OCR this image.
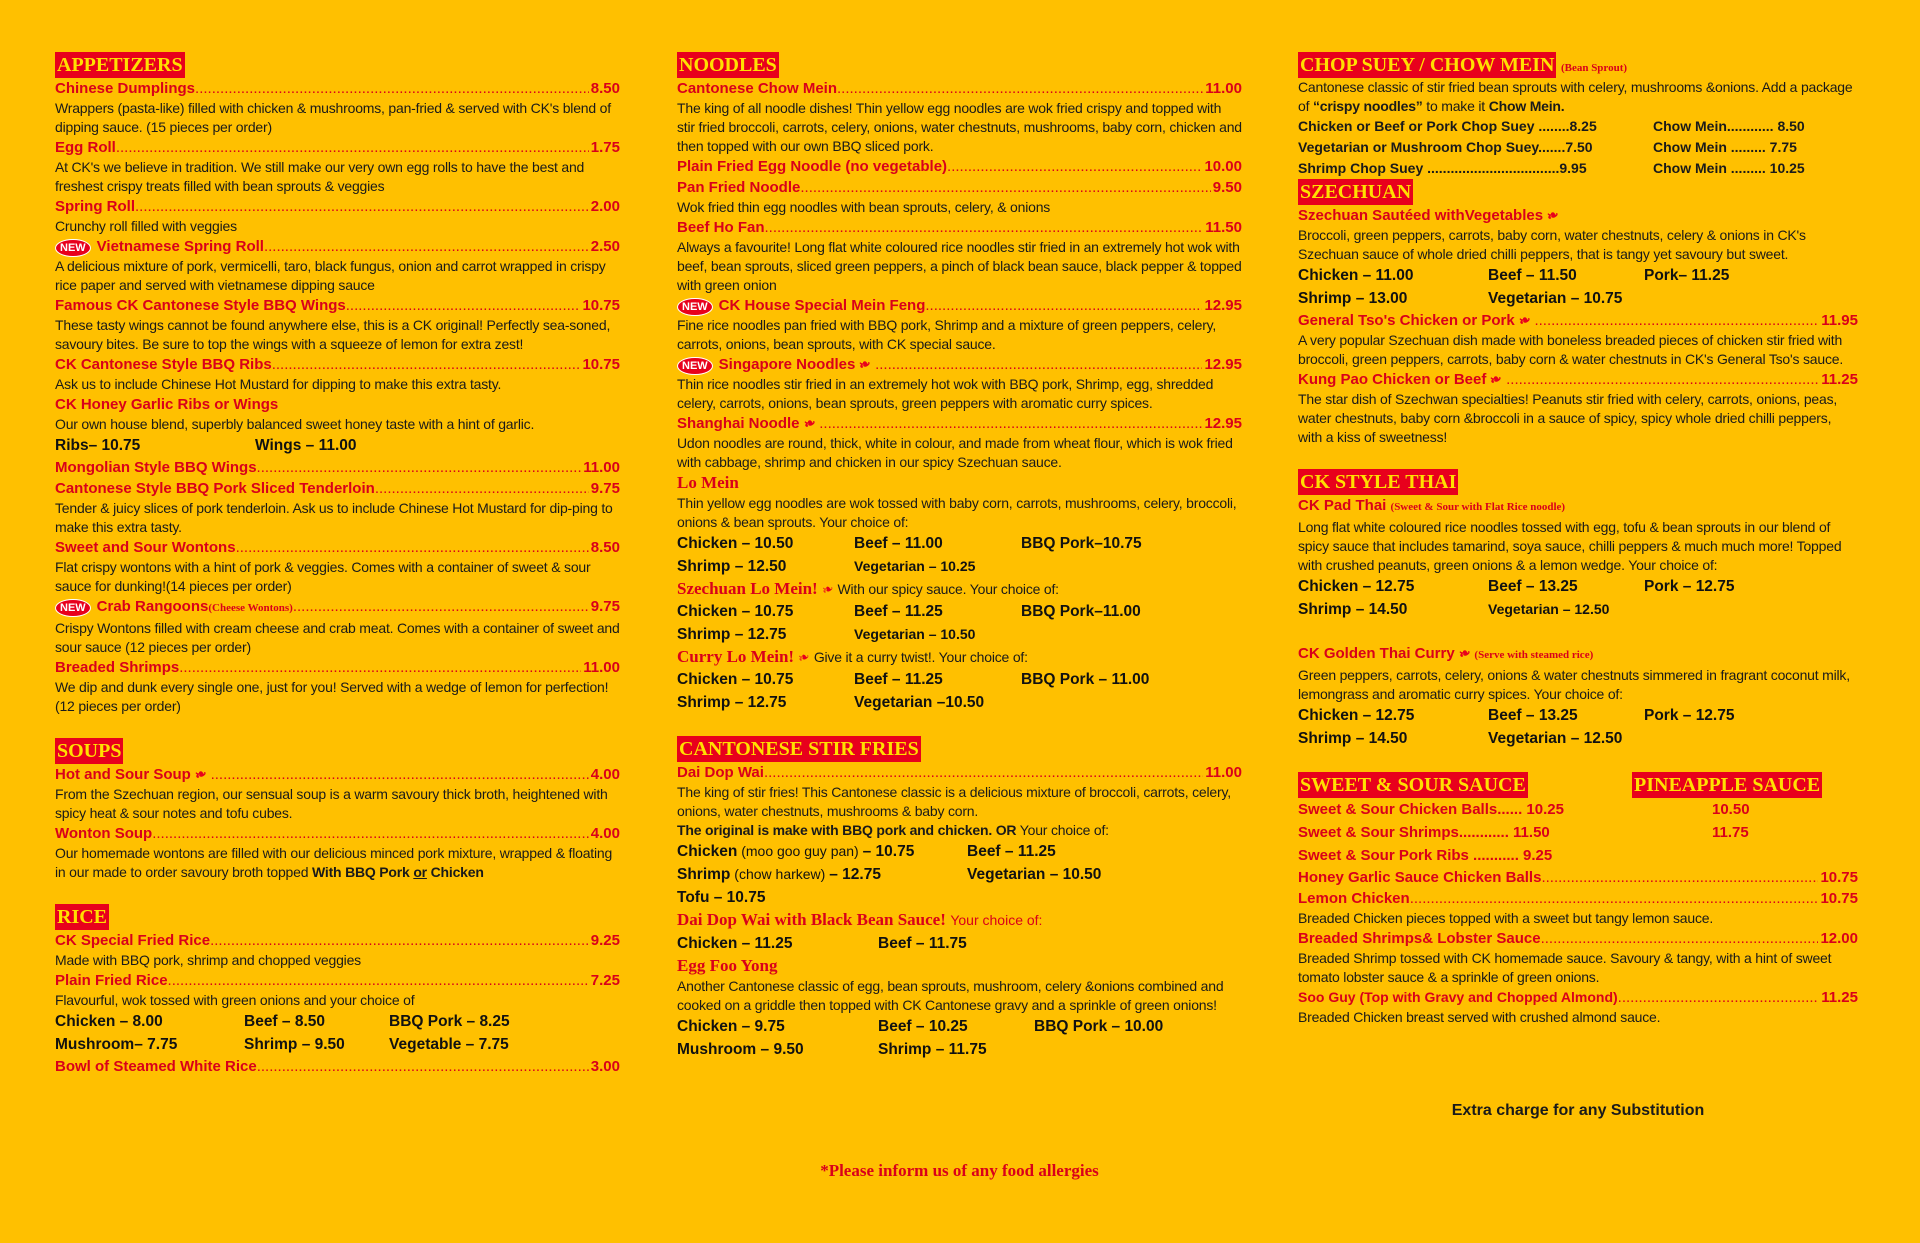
APPETIZERS
Chinese Dumplings .....	8.50
Wrappers (pasta-like) filled with chicken & mushrooms, pan-fried & served with CK's blend of dipping sauce. (15 pieces per order)
Egg Roll .....	1.75
At CK's we believe in tradition. We still make our very own egg rolls to have the best and freshest crispy treats filled with bean sprouts & veggies
Spring Roll .....	2.00
Crunchy roll filled with veggies
NEW Vietnamese Spring Roll .....	2.50
A delicious mixture of pork, vermicelli, taro, black fungus, onion and carrot wrapped in crispy rice paper and served with vietnamese dipping sauce
Famous CK Cantonese Style BBQ Wings .....	10.75
These tasty wings cannot be found anywhere else, this is a CK original! Perfectly sea-soned, savoury bites. Be sure to top the wings with a squeeze of lemon for extra zest!
CK Cantonese Style BBQ Ribs .....	10.75
Ask us to include Chinese Hot Mustard for dipping to make this extra tasty.
CK Honey Garlic Ribs or Wings
Our own house blend, superbly balanced sweet honey taste with a hint of garlic.
Ribs– 10.75	Wings – 11.00
Mongolian Style BBQ Wings .....	11.00
Cantonese Style BBQ Pork Sliced Tenderloin .....	9.75
Tender & juicy slices of pork tenderloin. Ask us to include Chinese Hot Mustard for dip-ping to make this extra tasty.
Sweet and Sour Wontons .....	8.50
Flat crispy wontons with a hint of pork & veggies. Comes with a container of sweet & sour sauce for dunking!(14 pieces per order)
NEW Crab Rangoons (Cheese Wontons) .....	9.75
Crispy Wontons filled with cream cheese and crab meat. Comes with a container of sweet and sour sauce (12 pieces per order)
Breaded Shrimps .....	11.00
We dip and dunk every single one, just for you! Served with a wedge of lemon for perfection!(12 pieces per order)
SOUPS
Hot and Sour Soup ❧ .....	4.00
From the Szechuan region, our sensual soup is a warm savoury thick broth, heightened with spicy heat & sour notes and tofu cubes.
Wonton Soup .....	4.00
Our homemade wontons are filled with our delicious minced pork mixture, wrapped & floating in our made to order savoury broth topped With BBQ Pork or Chicken
RICE
CK Special Fried Rice .....	9.25
Made with BBQ pork, shrimp and chopped veggies
Plain Fried Rice .....	7.25
Flavourful, wok tossed with green onions and your choice of
Chicken – 8.00	Beef – 8.50	BBQ Pork – 8.25
Mushroom– 7.75	Shrimp – 9.50	Vegetable – 7.75
Bowl of Steamed White Rice .....	3.00
NOODLES
Cantonese Chow Mein .....	11.00
The king of all noodle dishes! Thin yellow egg noodles are wok fried crispy and topped with stir fried broccoli, carrots, celery, onions, water chestnuts, mushrooms, baby corn, chicken and then topped with our own BBQ sliced pork.
Plain Fried Egg Noodle (no vegetable) .....	10.00
Pan Fried Noodle .....	9.50
Wok fried thin egg noodles with bean sprouts, celery, & onions
Beef Ho Fan .....	11.50
Always a favourite! Long flat white coloured rice noodles stir fried in an extremely hot wok with beef, bean sprouts, sliced green peppers, a pinch of black bean sauce, black pepper & topped with green onion
NEW CK House Special Mein Feng .....	12.95
Fine rice noodles pan fried with BBQ pork, Shrimp and a mixture of green peppers, celery, carrots, onions, bean sprouts, with CK special sauce.
NEW Singapore Noodles ❧ .....	12.95
Thin rice noodles stir fried in an extremely hot wok with BBQ pork, Shrimp, egg, shredded celery, carrots, onions, bean sprouts, green peppers with aromatic curry spices.
Shanghai Noodle ❧ .....	12.95
Udon noodles are round, thick, white in colour, and made from wheat flour, which is wok fried with cabbage, shrimp and chicken in our spicy Szechuan sauce.
Lo Mein
Thin yellow egg noodles are wok tossed with baby corn, carrots, mushrooms, celery, broccoli, onions & bean sprouts. Your choice of:
Chicken – 10.50	Beef – 11.00	BBQ Pork–10.75
Shrimp – 12.50	Vegetarian – 10.25
Szechuan Lo Mein!❧ With our spicy sauce. Your choice of:
Chicken – 10.75	Beef – 11.25	BBQ Pork–11.00
Shrimp – 12.75	Vegetarian – 10.50
Curry Lo Mein!❧ Give it a curry twist!. Your choice of:
Chicken – 10.75	Beef – 11.25	BBQ Pork – 11.00
Shrimp – 12.75	Vegetarian –10.50
CANTONESE STIR FRIES
Dai Dop Wai .....	11.00
The king of stir fries! This Cantonese classic is a delicious mixture of broccoli, carrots, celery, onions, water chestnuts, mushrooms & baby corn.
The original is make with BBQ pork and chicken. OR Your choice of:
Chicken (moo goo guy pan) – 10.75	Beef – 11.25
Shrimp (chow harkew) – 12.75	Vegetarian – 10.50
Tofu – 10.75
Dai Dop Wai with Black Bean Sauce! Your choice of:
Chicken – 11.25	Beef – 11.75
Egg Foo Yong
Another Cantonese classic of egg, bean sprouts, mushroom, celery &onions combined and cooked on a griddle then topped with CK Cantonese gravy and a sprinkle of green onions!
Chicken – 9.75	Beef – 10.25	BBQ Pork – 10.00
Mushroom – 9.50	Shrimp – 11.75
*Please inform us of any food allergies
CHOP SUEY / CHOW MEIN (Bean Sprout)
Cantonese classic of stir fried bean sprouts with celery, mushrooms &onions. Add a package of “crispy noodles” to make it Chow Mein.
Chicken or Beef or Pork Chop Suey ........8.25	Chow Mein............ 8.50
Vegetarian or Mushroom Chop Suey.......7.50	Chow Mein ......... 7.75
Shrimp Chop Suey ..................................9.95	Chow Mein ......... 10.25
SZECHUAN
Szechuan Sautéed withVegetables ❧
Broccoli, green peppers, carrots, baby corn, water chestnuts, celery & onions in CK's Szechuan sauce of whole dried chilli peppers, that is tangy yet savoury but sweet.
Chicken – 11.00	Beef – 11.50	Pork– 11.25
Shrimp – 13.00	Vegetarian – 10.75
General Tso's Chicken or Pork ❧ .....	11.95
A very popular Szechuan dish made with boneless breaded pieces of chicken stir fried with broccoli, green peppers, carrots, baby corn & water chestnuts in CK's General Tso's sauce.
Kung Pao Chicken or Beef ❧ .....	11.25
The star dish of Szechwan specialties! Peanuts stir fried with celery, carrots, onions, peas, water chestnuts, baby corn &broccoli in a sauce of spicy, spicy whole dried chilli peppers, with a kiss of sweetness!
CK STYLE THAI
CK Pad Thai
(Sweet & Sour with Flat Rice noodle)
Long flat white coloured rice noodles tossed with egg, tofu & bean sprouts in our blend of spicy sauce that includes tamarind, soya sauce, chilli peppers & much much more! Topped with crushed peanuts, green onions & a lemon wedge. Your choice of:
Chicken – 12.75	Beef – 13.25	Pork – 12.75
Shrimp – 14.50	Vegetarian – 12.50
CK Golden Thai Curry ❧ (Serve with steamed rice)
Green peppers, carrots, celery, onions & water chestnuts simmered in fragrant coconut milk, lemongrass and aromatic curry spices. Your choice of:
Chicken – 12.75	Beef – 13.25	Pork – 12.75
Shrimp – 14.50	Vegetarian – 12.50
SWEET & SOUR SAUCE	PINEAPPLE SAUCE
Sweet & Sour Chicken Balls...... 10.25	10.50
Sweet & Sour Shrimps............ 11.50	11.75
Sweet & Sour Pork Ribs ........... 9.25
Honey Garlic Sauce Chicken Balls .....	10.75
Lemon Chicken .....	10.75
Breaded Chicken pieces topped with a sweet but tangy lemon sauce.
Breaded Shrimps& Lobster Sauce .....	12.00
Breaded Shrimp tossed with CK homemade sauce. Savoury & tangy, with a hint of sweet tomato lobster sauce & a sprinkle of green onions.
Soo Guy (Top with Gravy and Chopped Almond) .....	11.25
Breaded Chicken breast served with crushed almond sauce.
Extra charge for any Substitution
